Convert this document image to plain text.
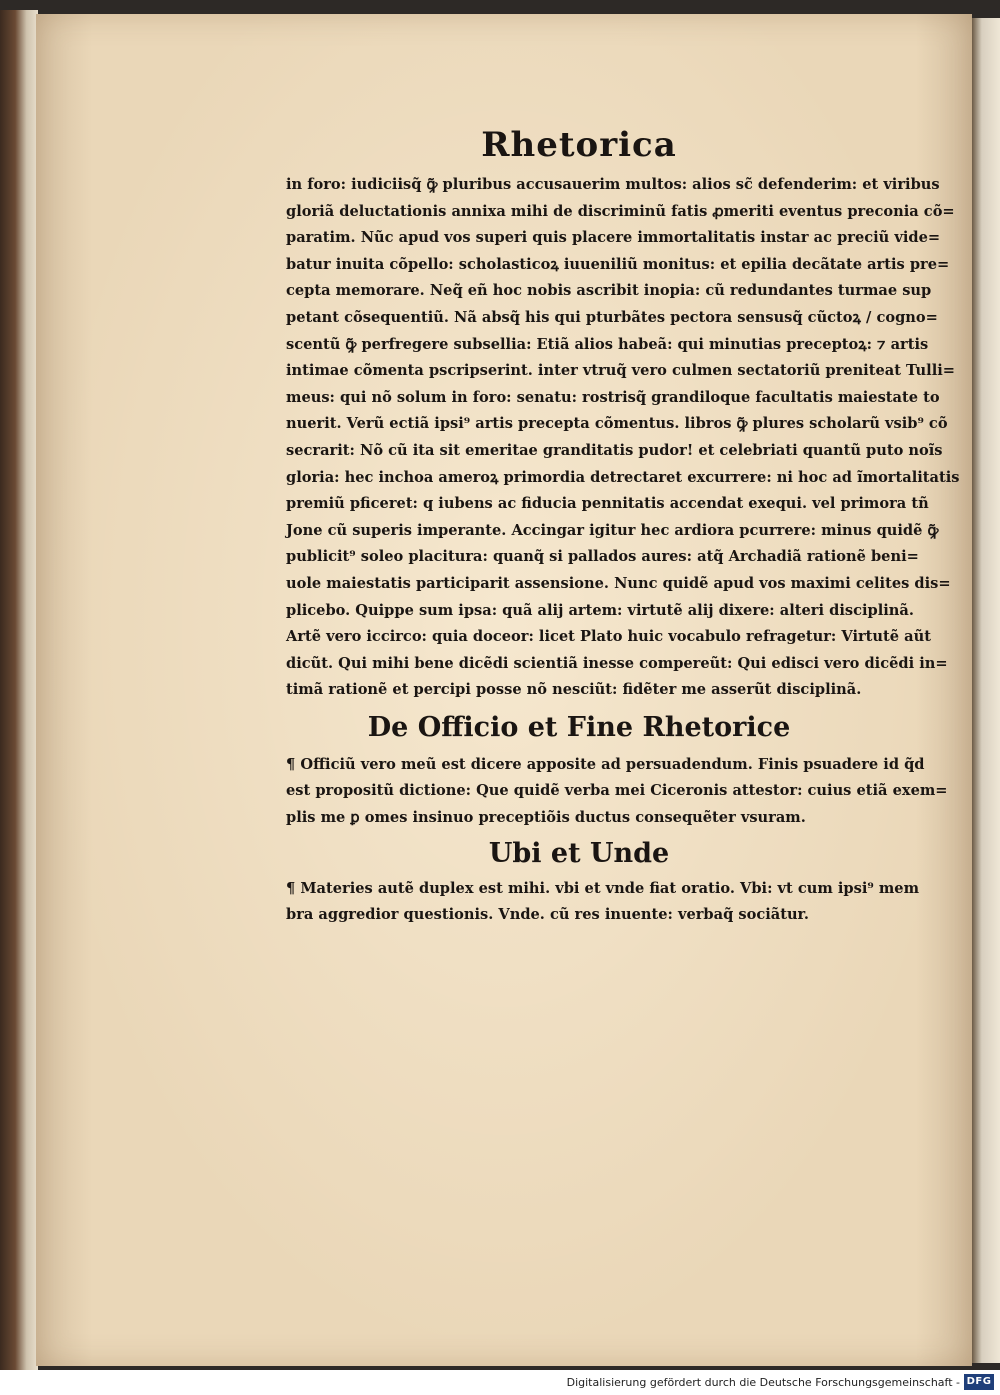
Rhetorica
in foro: iudiciisq̃ ꝙ̃ pluribus accusauerim multos: alios sc̃ defenderim: et viribus
gloriã deluctationis annixa mihi de discriminũ fatis ꝓmeriti eventus preconia cõ=
paratim. Nũc apud vos superi quis placere immortalitatis instar ac preciũ vide=
batur inuita cõpello: scholasticoꝝ iuueniliũ monitus: et epilia decãtate artis pre=
cepta memorare. Neq̃ eñ hoc nobis ascribit inopia: cũ redundantes turmae sup
petant cõsequentiũ. Nã absq̃ his qui pturbãtes pectora sensusq̃ cũctoꝝ / cogno=
scentũ ꝙ̃ perfregere subsellia: Etiã alios habeã: qui minutias preceptoꝝ: ⁊ artis
intimae cõmenta pscripserint. inter vtruq̃ vero culmen sectatoriũ preniteat Tulli=
meus: qui nõ solum in foro: senatu: rostrisq̃ grandiloque facultatis maiestate to
nuerit. Verũ ectiã ipsi⁹ artis precepta cõmentus. libros ꝙ̃ plures scholarũ vsib⁹ cõ
secrarit: Nõ cũ ita sit emeritae granditatis pudor! et celebriati quantũ puto noĩs
gloria: hec inchoa ameroꝝ primordia detrectaret excurrere: ni hoc ad ĩmortalitatis
premiũ pficeret: q iubens ac fiducia pennitatis accendat exequi. vel primora tñ
Jone cũ superis imperante. Accingar igitur hec ardiora pcurrere: minus quidẽ ꝙ̃
publicit⁹ soleo placitura: quanq̃ si pallados aures: atq̃ Archadiã rationẽ beni=
uole maiestatis participarit assensione. Nunc quidẽ apud vos maximi celites dis=
plicebo. Quippe sum ipsa: quã alij artem: virtutẽ alij dixere: alteri disciplinã.
Artẽ vero iccirco: quia doceor: licet Plato huic vocabulo refragetur: Virtutẽ aũt
dicũt. Qui mihi bene dicẽdi scientiã inesse compereũt: Qui edisci vero dicẽdi in=
timã rationẽ et percipi posse nõ nesciũt: fidẽter me asserũt disciplinã.
De Officio et Fine Rhetorice
¶ Officiũ vero meũ est dicere apposite ad persuadendum. Finis psuadere id q̃d
est propositũ dictione: Que quidẽ verba mei Ciceronis attestor: cuius etiã exem=
plis me ꝑ omes insinuo preceptiõis ductus consequẽter vsuram.
Ubi et Unde
¶ Materies autẽ duplex est mihi. vbi et vnde fiat oratio. Vbi: vt cum ipsi⁹ mem
bra aggredior questionis. Vnde. cũ res inuente: verbaq̃ sociãtur.
Digitalisierung gefördert durch die Deutsche Forschungsgemeinschaft - DFG
